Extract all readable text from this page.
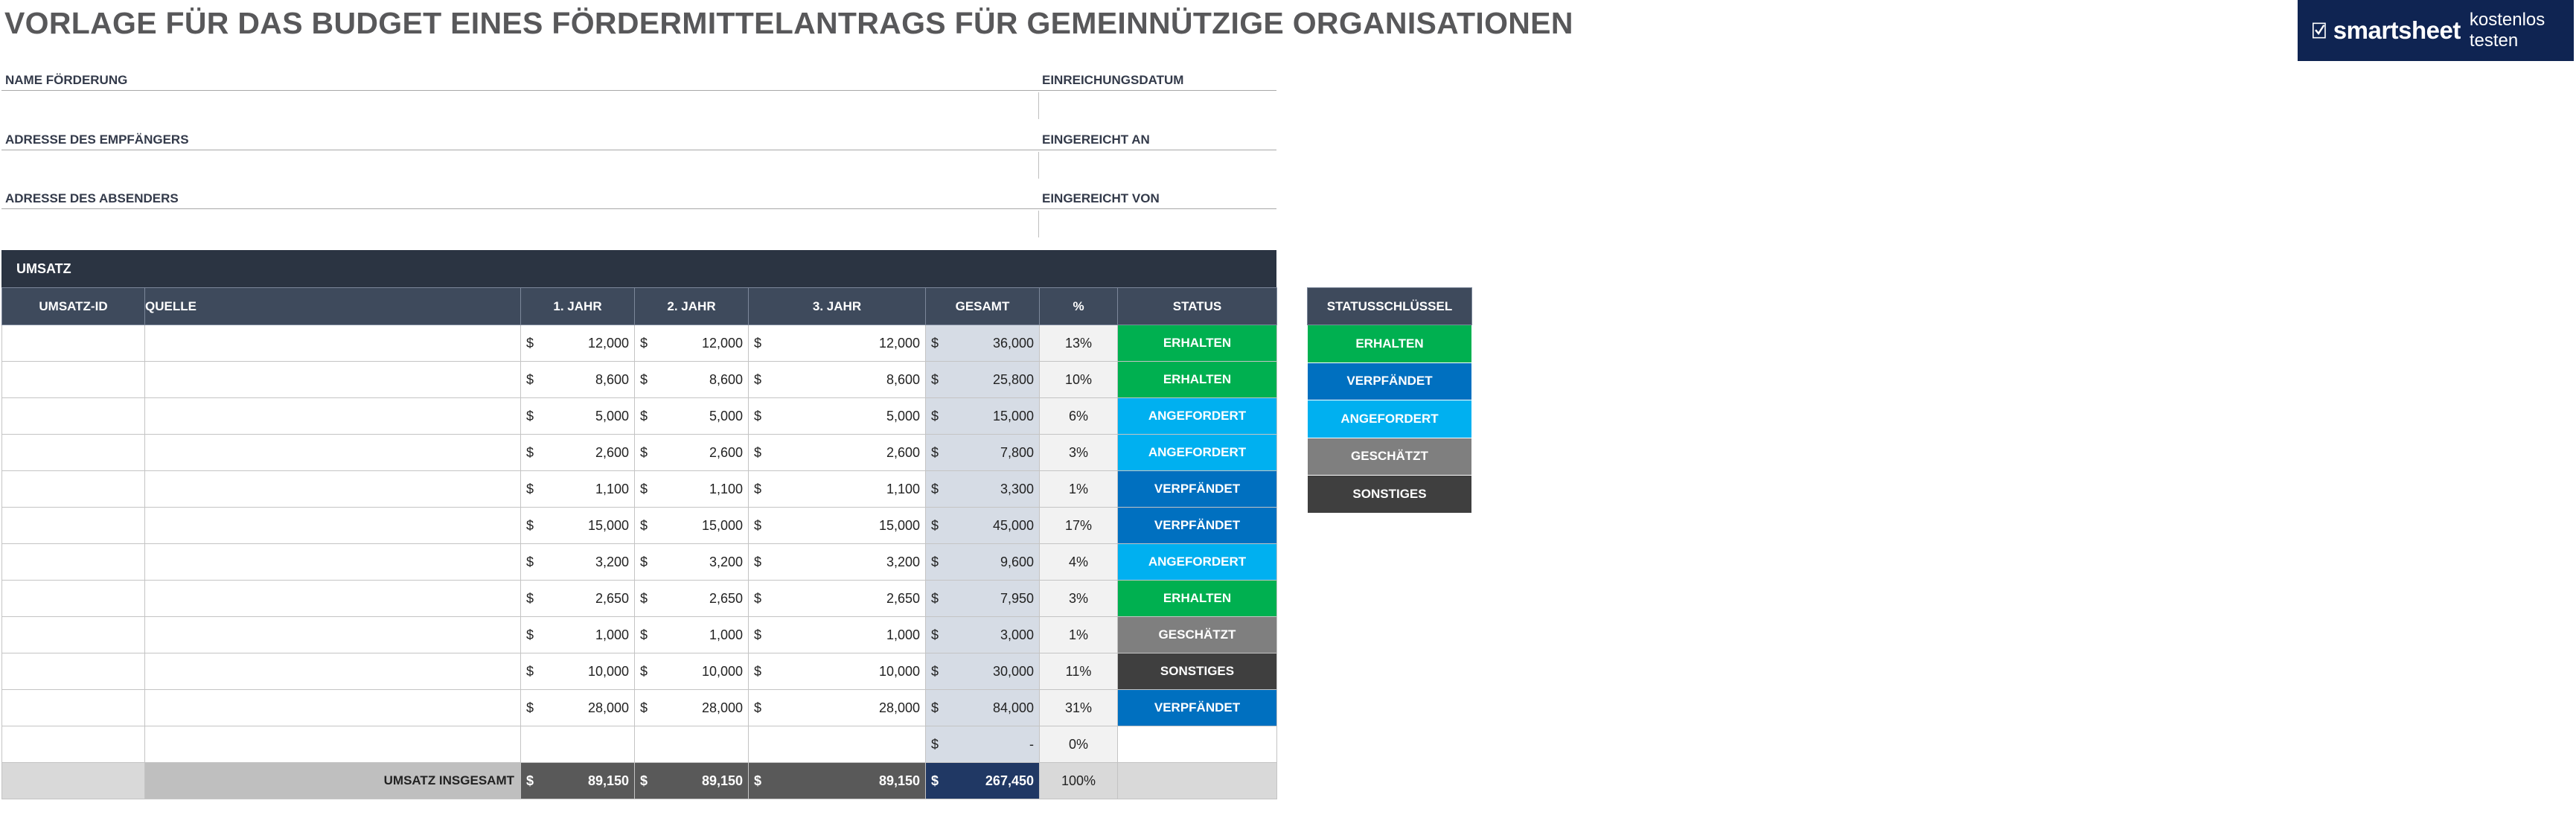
VORLAGE FÜR DAS BUDGET EINES FÖRDERMITTELANTRAGS FÜR GEMEINNÜTZIGE ORGANISATIONEN	smartsheet kostenlos testen
NAME FÖRDERUNG	EINREICHUNGSDATUM
ADRESSE DES EMPFÄNGERS	EINGEREICHT AN
ADRESSE DES ABSENDERS	EINGEREICHT VON
UMSATZ
UMSATZ-ID	QUELLE	1. JAHR	2. JAHR	3. JAHR	GESAMT	%	STATUS

		$ 12,000	$ 12,000	$ 12,000	$ 36,000	13%	ERHALTEN

		$ 8,600	$ 8,600	$ 8,600	$ 25,800	10%	ERHALTEN

		$ 5,000	$ 5,000	$ 5,000	$ 15,000	6%	ANGEFORDERT

		$ 2,600	$ 2,600	$ 2,600	$ 7,800	3%	ANGEFORDERT

		$ 1,100	$ 1,100	$ 1,100	$ 3,300	1%	VERPFÄNDET

		$ 15,000	$ 15,000	$ 15,000	$ 45,000	17%	VERPFÄNDET

		$ 3,200	$ 3,200	$ 3,200	$ 9,600	4%	ANGEFORDERT

		$ 2,650	$ 2,650	$ 2,650	$ 7,950	3%	ERHALTEN

		$ 1,000	$ 1,000	$ 1,000	$ 3,000	1%	GESCHÄTZT

		$ 10,000	$ 10,000	$ 10,000	$ 30,000	11%	SONSTIGES

		$ 28,000	$ 28,000	$ 28,000	$ 84,000	31%	VERPFÄNDET

					$ -	0%	
	UMSATZ INSGESAMT	$ 89,150	$ 89,150	$ 89,150	$ 267,450	100%	
STATUSSCHLÜSSEL
ERHALTEN
VERPFÄNDET
ANGEFORDERT
GESCHÄTZT
SONSTIGES
